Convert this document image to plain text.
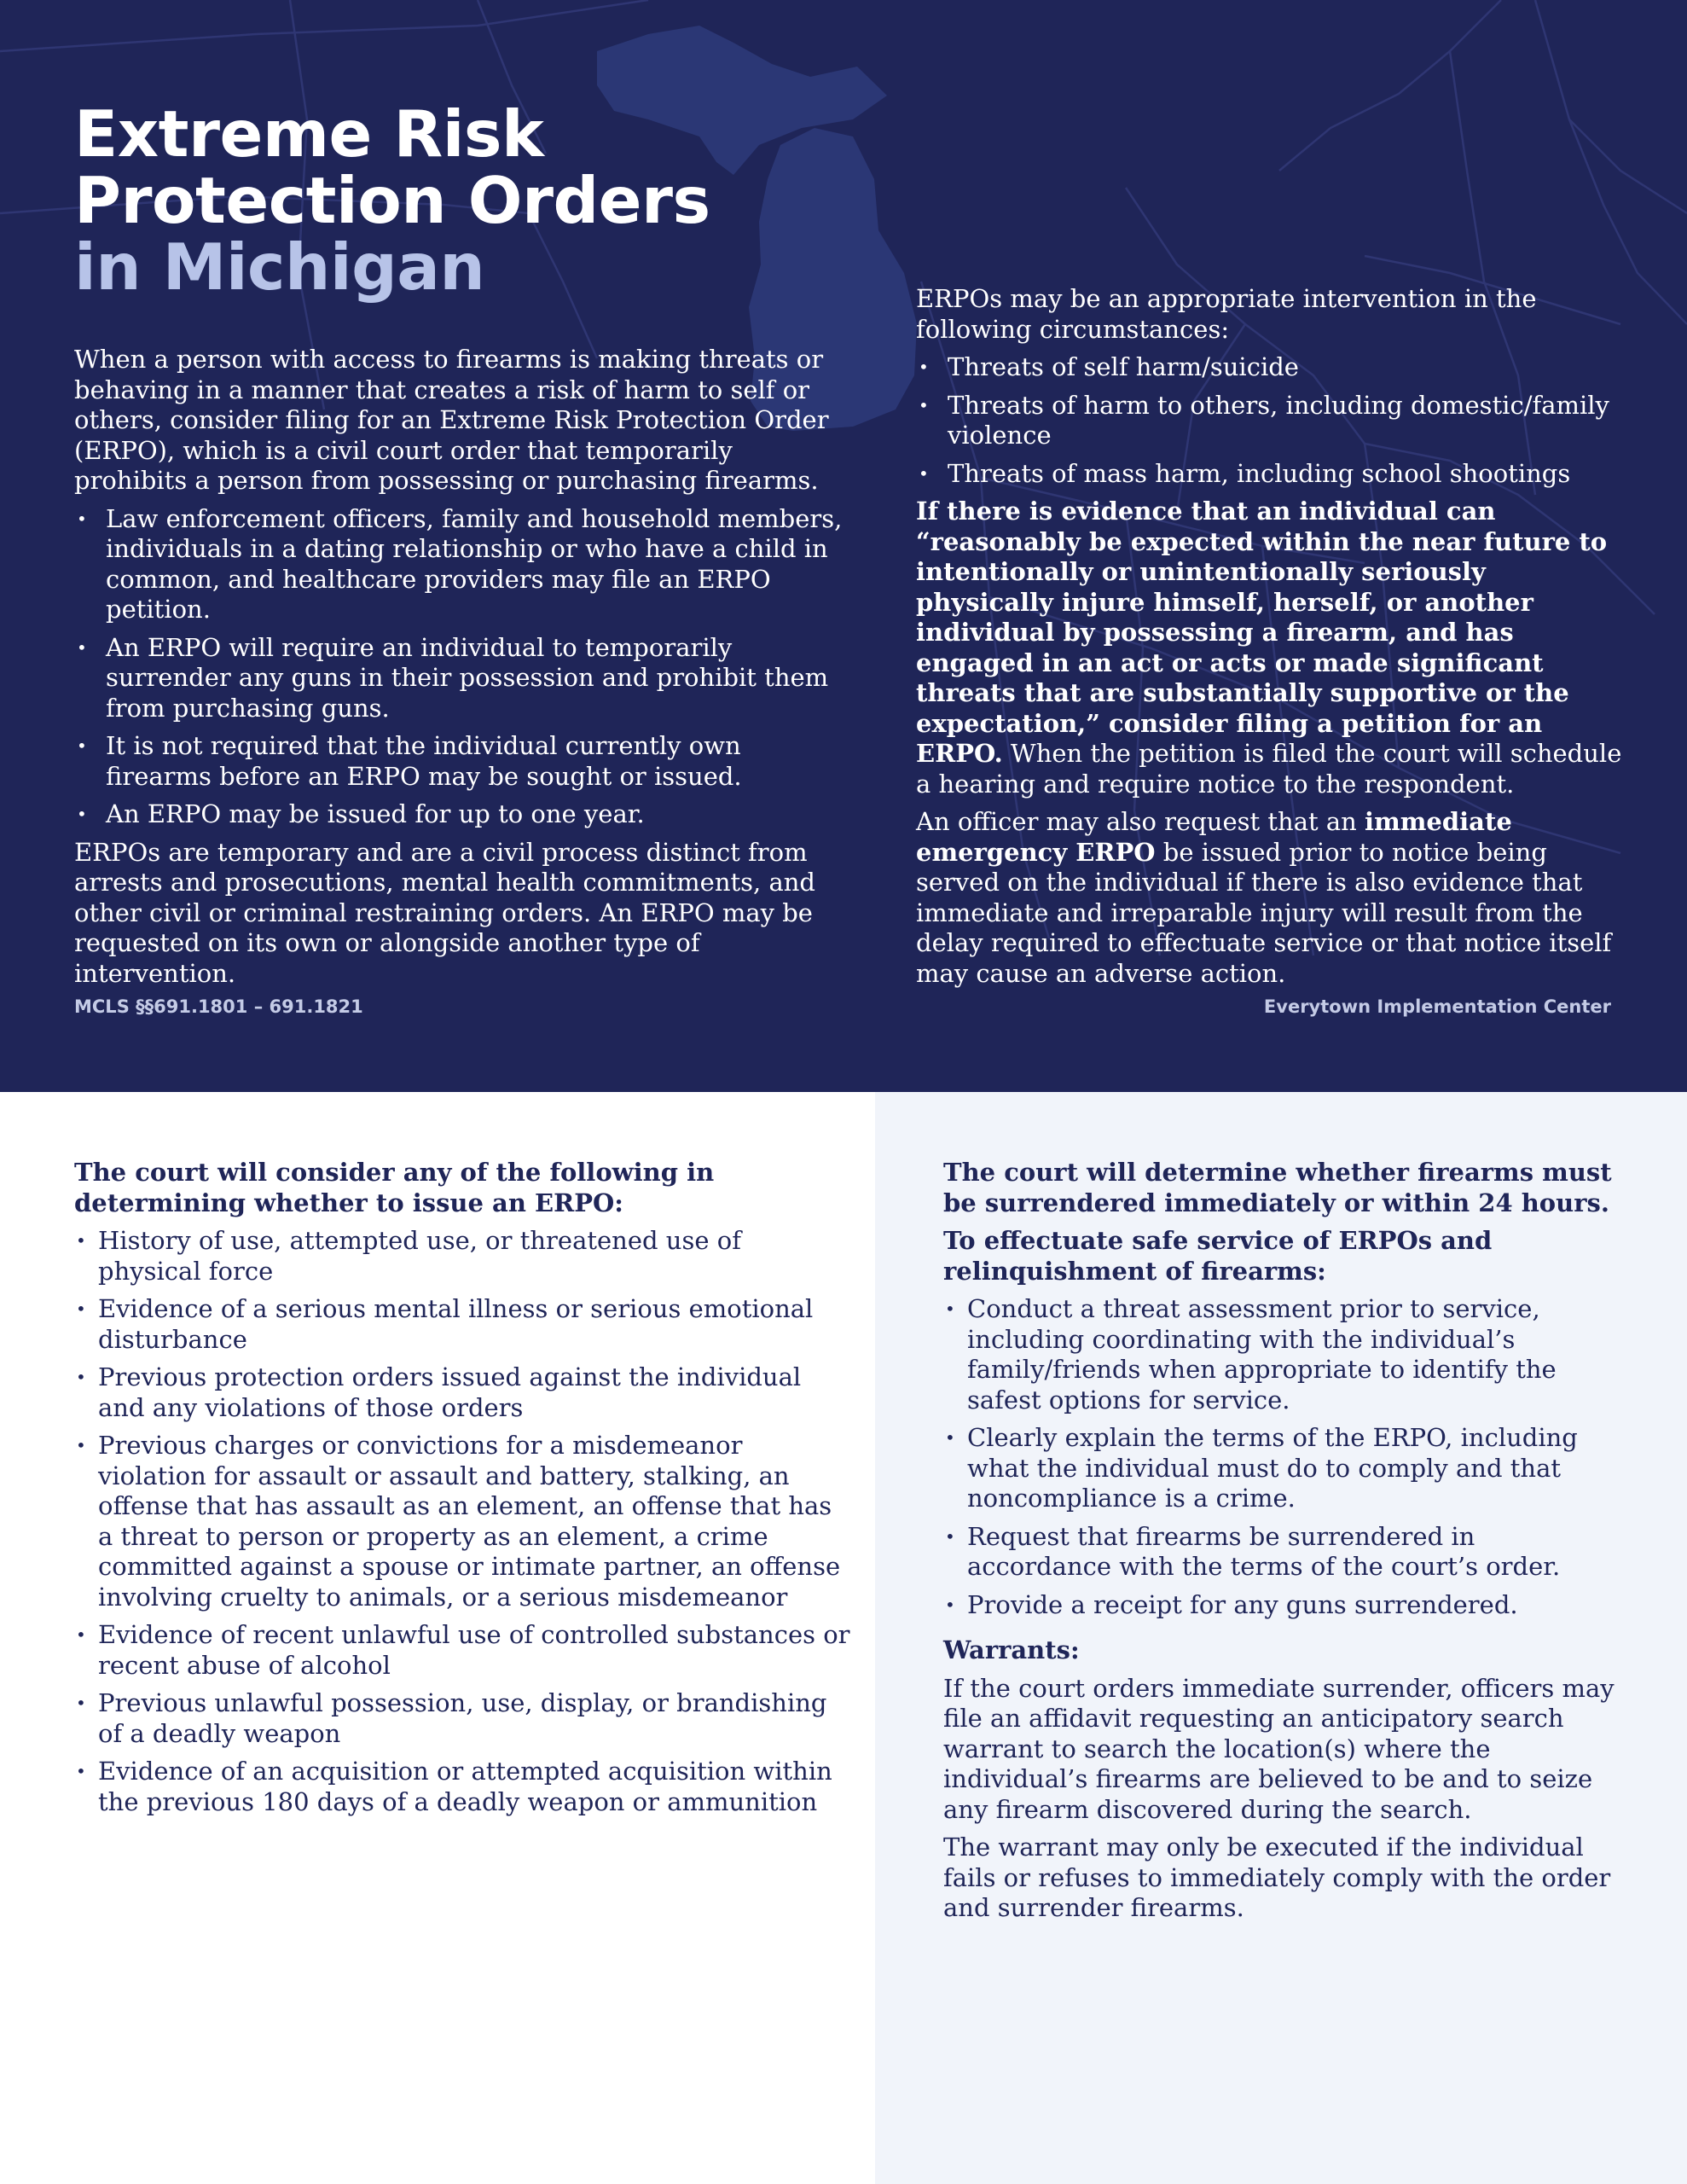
Extreme Risk
Protection Orders
in Michigan

When a person with access to firearms is making threats or behaving in a manner that creates a risk of harm to self or others, consider filing for an Extreme Risk Protection Order (ERPO), which is a civil court order that temporarily prohibits a person from possessing or purchasing firearms.

• Law enforcement officers, family and household members, individuals in a dating relationship or who have a child in common, and healthcare providers may file an ERPO petition.
• An ERPO will require an individual to temporarily surrender any guns in their possession and prohibit them from purchasing guns.
• It is not required that the individual currently own firearms before an ERPO may be sought or issued.
• An ERPO may be issued for up to one year.

ERPOs are temporary and are a civil process distinct from arrests and prosecutions, mental health commitments, and other civil or criminal restraining orders. An ERPO may be requested on its own or alongside another type of intervention.

ERPOs may be an appropriate intervention in the following circumstances:

• Threats of self harm/suicide
• Threats of harm to others, including domestic/family violence
• Threats of mass harm, including school shootings

If there is evidence that an individual can “reasonably be expected within the near future to intentionally or unintentionally seriously physically injure himself, herself, or another individual by possessing a firearm, and has engaged in an act or acts or made significant threats that are substantially supportive or the expectation,” consider filing a petition for an ERPO. When the petition is filed the court will schedule a hearing and require notice to the respondent.

An officer may also request that an immediate emergency ERPO be issued prior to notice being served on the individual if there is also evidence that immediate and irreparable injury will result from the delay required to effectuate service or that notice itself may cause an adverse action.

MCLS §§691.1801 – 691.1821	Everytown Implementation Center
The court will consider any of the following in determining whether to issue an ERPO:
• History of use, attempted use, or threatened use of physical force
• Evidence of a serious mental illness or serious emotional disturbance
• Previous protection orders issued against the individual and any violations of those orders
• Previous charges or convictions for a misdemeanor violation for assault or assault and battery, stalking, an offense that has assault as an element, an offense that has a threat to person or property as an element, a crime committed against a spouse or intimate partner, an offense involving cruelty to animals, or a serious misdemeanor
• Evidence of recent unlawful use of controlled substances or recent abuse of alcohol
• Previous unlawful possession, use, display, or brandishing of a deadly weapon
• Evidence of an acquisition or attempted acquisition within the previous 180 days of a deadly weapon or ammunition
The court will determine whether firearms must be surrendered immediately or within 24 hours.
To effectuate safe service of ERPOs and relinquishment of firearms:
• Conduct a threat assessment prior to service, including coordinating with the individual’s family/friends when appropriate to identify the safest options for service.
• Clearly explain the terms of the ERPO, including what the individual must do to comply and that noncompliance is a crime.
• Request that firearms be surrendered in accordance with the terms of the court’s order.
• Provide a receipt for any guns surrendered.
Warrants:

If the court orders immediate surrender, officers may file an affidavit requesting an anticipatory search warrant to search the location(s) where the individual’s firearms are believed to be and to seize any firearm discovered during the search.

The warrant may only be executed if the individual fails or refuses to immediately comply with the order and surrender firearms.
